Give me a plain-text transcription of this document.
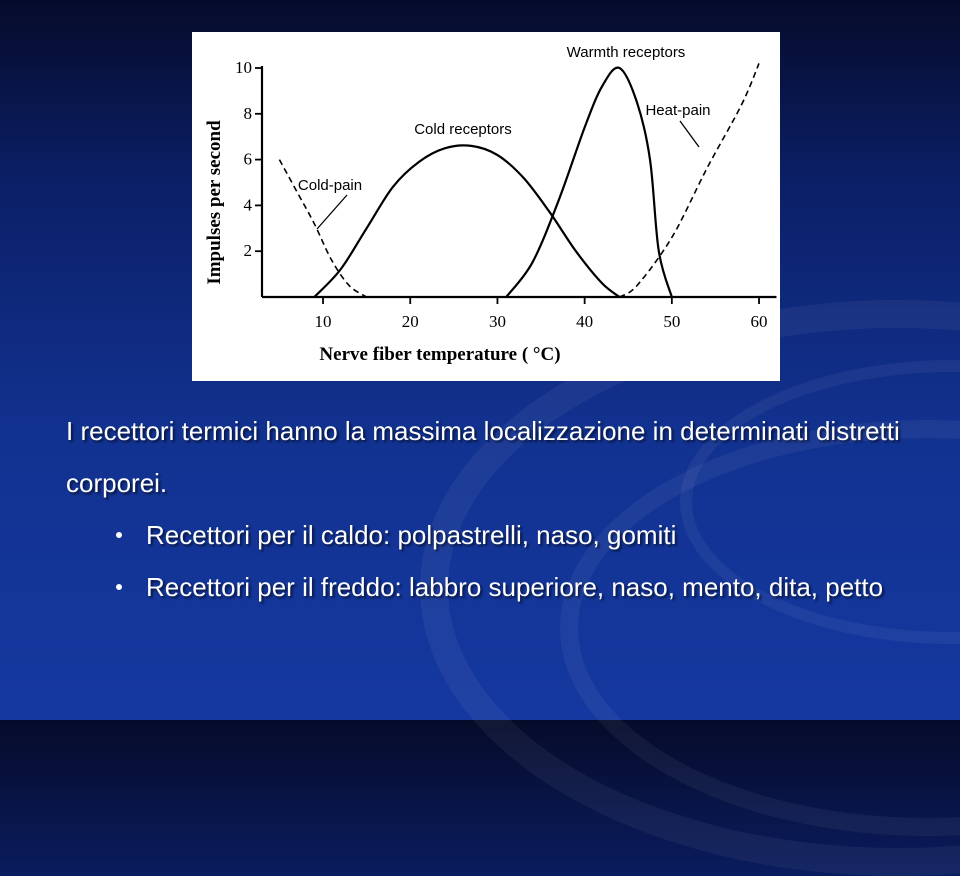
10	20	30	40	50	60
2
4
6
8
10
Nerve fiber temperature ( °C)
Impulses per second	Cold-pain
Cold receptors
Warmth receptors
Heat-pain

I recettori termici hanno la massima localizzazione in determinati distretti corporei.

Recettori per il caldo: polpastrelli, naso, gomiti
Recettori per il freddo: labbro superiore, naso, mento, dita, petto
